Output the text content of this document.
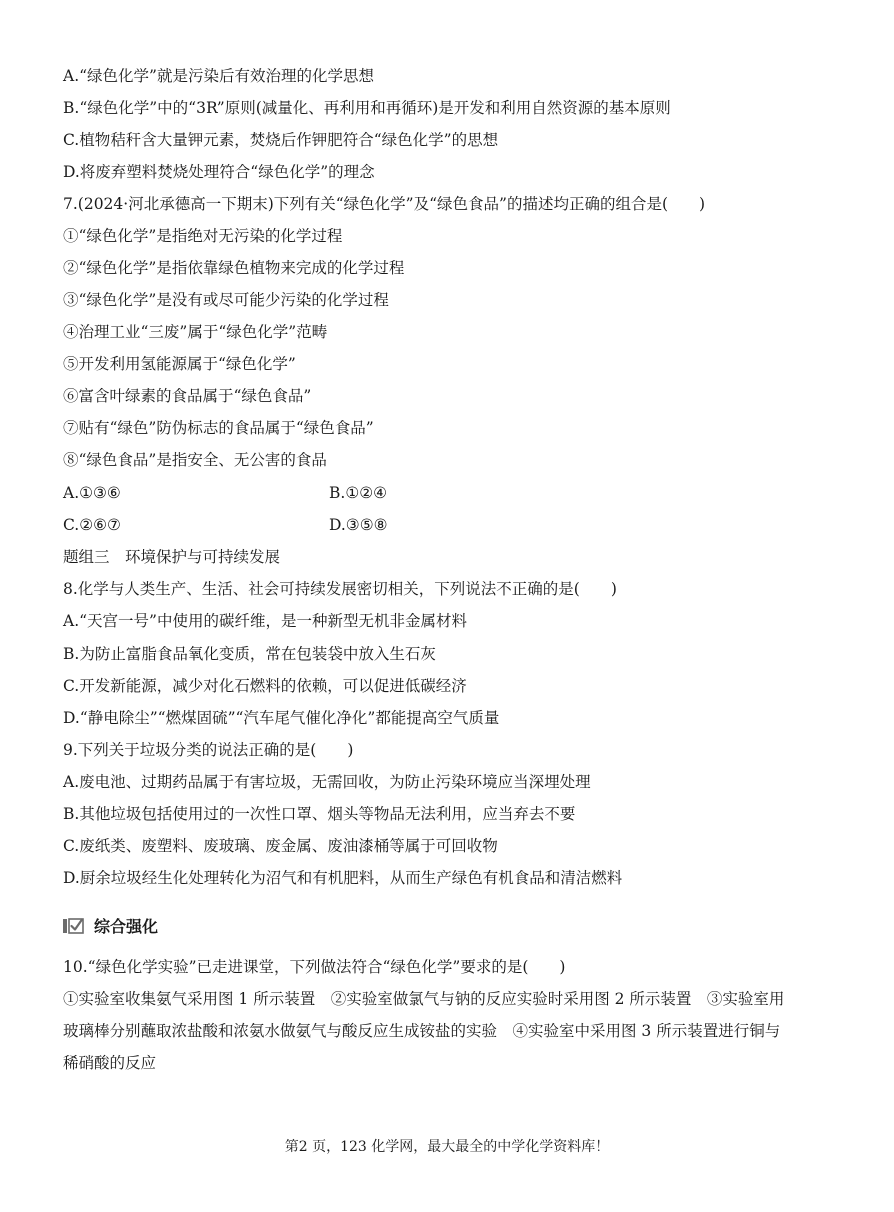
A.“绿色化学”就是污染后有效治理的化学思想
B.“绿色化学”中的“3R”原则(减量化、再利用和再循环)是开发和利用自然资源的基本原则
C.植物秸秆含大量钾元素，焚烧后作钾肥符合“绿色化学”的思想
D.将废弃塑料焚烧处理符合“绿色化学”的理念
7.(2024·河北承德高一下期末)下列有关“绿色化学”及“绿色食品”的描述均正确的组合是(　　)
①“绿色化学”是指绝对无污染的化学过程
②“绿色化学”是指依靠绿色植物来完成的化学过程
③“绿色化学”是没有或尽可能少污染的化学过程
④治理工业“三废”属于“绿色化学”范畴
⑤开发利用氢能源属于“绿色化学”
⑥富含叶绿素的食品属于“绿色食品”
⑦贴有“绿色”防伪标志的食品属于“绿色食品”
⑧“绿色食品”是指安全、无公害的食品
A.①③⑥	B.①②④
C.②⑥⑦	D.③⑤⑧
题组三　环境保护与可持续发展
8.化学与人类生产、生活、社会可持续发展密切相关，下列说法不正确的是(　　)
A.“天宫一号”中使用的碳纤维，是一种新型无机非金属材料
B.为防止富脂食品氧化变质，常在包装袋中放入生石灰
C.开发新能源，减少对化石燃料的依赖，可以促进低碳经济
D.“静电除尘”“燃煤固硫”“汽车尾气催化净化”都能提高空气质量
9.下列关于垃圾分类的说法正确的是(　　)
A.废电池、过期药品属于有害垃圾，无需回收，为防止污染环境应当深埋处理
B.其他垃圾包括使用过的一次性口罩、烟头等物品无法利用，应当弃去不要
C.废纸类、废塑料、废玻璃、废金属、废油漆桶等属于可回收物
D.厨余垃圾经生化处理转化为沼气和有机肥料，从而生产绿色有机食品和清洁燃料
综合强化
10.“绿色化学实验”已走进课堂，下列做法符合“绿色化学”要求的是(　　)
①实验室收集氨气采用图 1 所示装置　②实验室做氯气与钠的反应实验时采用图 2 所示装置　③实验室用
玻璃棒分别蘸取浓盐酸和浓氨水做氨气与酸反应生成铵盐的实验　④实验室中采用图 3 所示装置进行铜与
稀硝酸的反应
第2 页，123 化学网，最大最全的中学化学资料库！
